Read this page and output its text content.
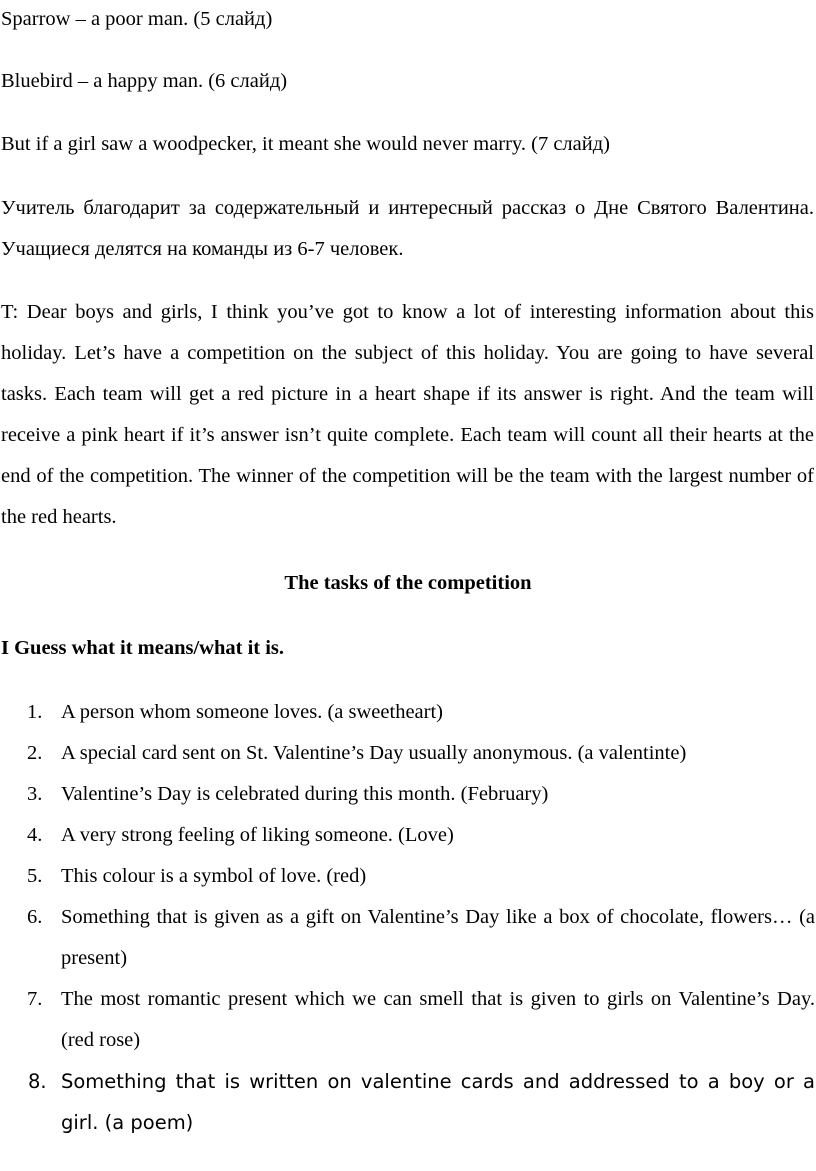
Sparrow – a poor man. (5 слайд)
Bluebird – a happy man. (6 слайд)
But if a girl saw a woodpecker, it meant she would never marry. (7 слайд)

Учитель благодарит за содержательный и интересный рассказ о Дне Святого Валентина. Учащиеся делятся на команды из 6-7 человек.

T: Dear boys and girls, I think you’ve got to know a lot of interesting information about this holiday. Let’s have a competition on the subject of this holiday. You are going to have several tasks. Each team will get a red picture in a heart shape if its answer is right. And the team will receive a pink heart if it’s answer isn’t quite complete. Each team will count all their hearts at the end of the competition. The winner of the competition will be the team with the largest number of the red hearts.

The tasks of the competition
I Guess what it means/what it is.
1. A person whom someone loves. (a sweetheart)
2. A special card sent on St. Valentine’s Day usually anonymous. (a valentinte)
3. Valentine’s Day is celebrated during this month. (February)
4. A very strong feeling of liking someone. (Love)
5. This colour is a symbol of love. (red)
6. Something that is given as a gift on Valentine’s Day like a box of chocolate, flowers… (a present)
7. The most romantic present which we can smell that is given to girls on Valentine’s Day. (red rose)
8. Something that is written on valentine cards and addressed to a boy or a girl. (a poem)
